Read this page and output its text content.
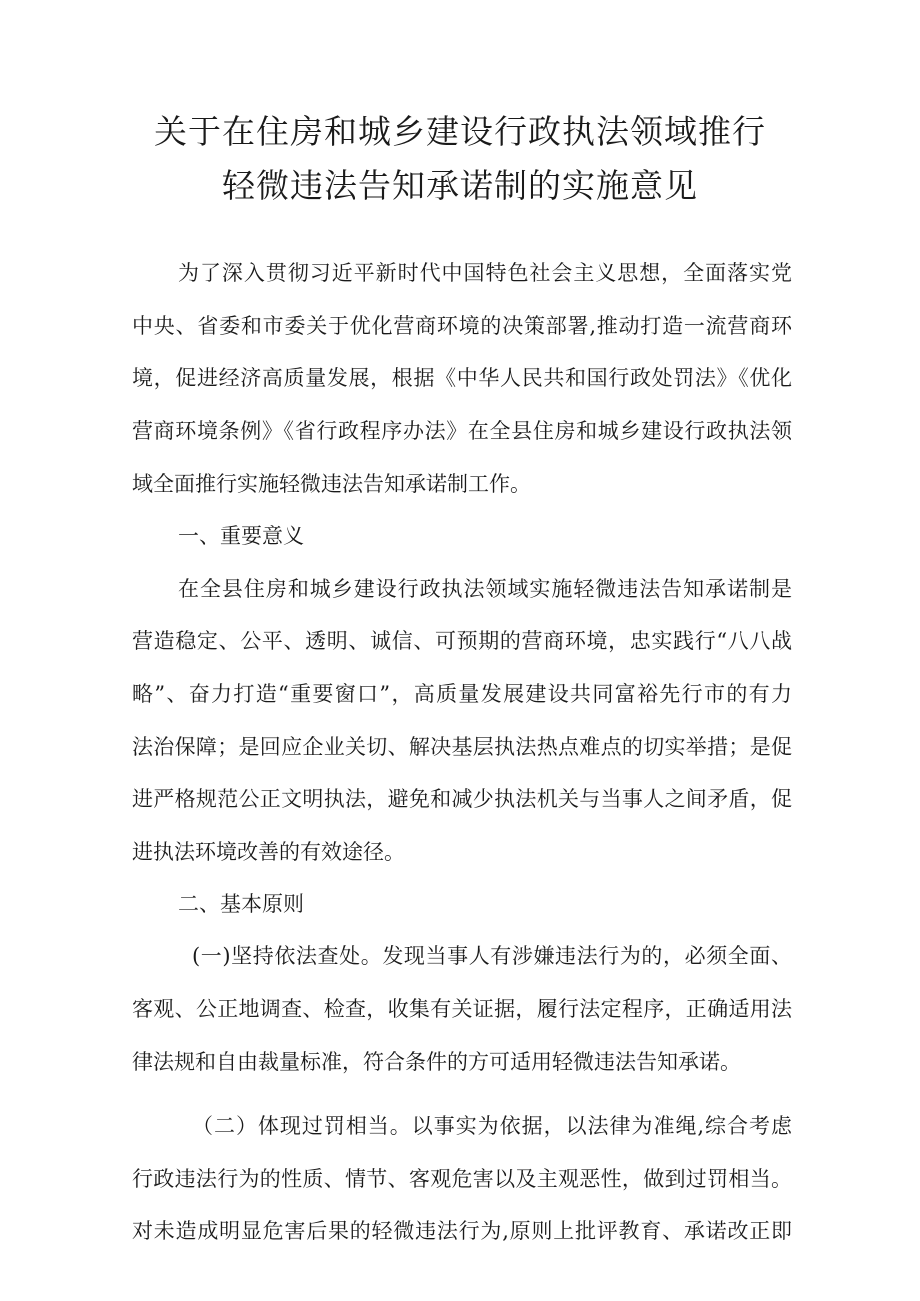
关于在住房和城乡建设行政执法领域推行
轻微违法告知承诺制的实施意见
为了深入贯彻习近平新时代中国特色社会主义思想，全面落实党
中央、省委和市委关于优化营商环境的决策部署,推动打造一流营商环
境，促进经济高质量发展，根据《中华人民共和国行政处罚法》《优化
营商环境条例》《省行政程序办法》在全县住房和城乡建设行政执法领
域全面推行实施轻微违法告知承诺制工作。
一、重要意义
在全县住房和城乡建设行政执法领域实施轻微违法告知承诺制是
营造稳定、公平、透明、诚信、可预期的营商环境，忠实践行“八八战
略”、奋力打造“重要窗口”，高质量发展建设共同富裕先行市的有力
法治保障；是回应企业关切、解决基层执法热点难点的切实举措；是促
进严格规范公正文明执法，避免和减少执法机关与当事人之间矛盾，促
进执法环境改善的有效途径。
二、基本原则
(一)坚持依法查处。发现当事人有涉嫌违法行为的，必须全面、
客观、公正地调查、检查，收集有关证据，履行法定程序，正确适用法
律法规和自由裁量标准，符合条件的方可适用轻微违法告知承诺。
（二）体现过罚相当。以事实为依据，以法律为准绳,综合考虑
行政违法行为的性质、情节、客观危害以及主观恶性，做到过罚相当。
对未造成明显危害后果的轻微违法行为,原则上批评教育、承诺改正即
